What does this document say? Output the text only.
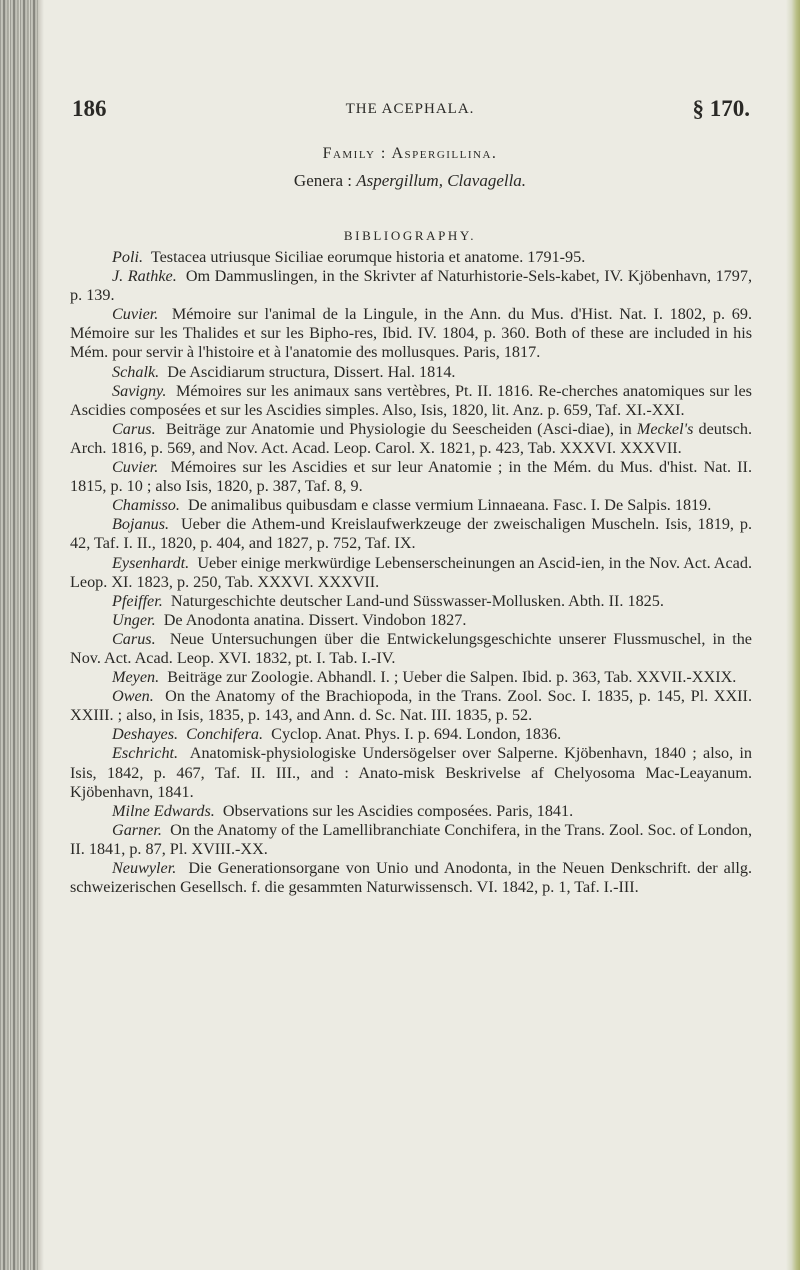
186	THE ACEPHALA.	§ 170.
Family : Aspergillina.
Genera : Aspergillum, Clavagella.
BIBLIOGRAPHY.

Poli. Testacea utriusque Siciliae eorumque historia et anatome. 1791-95.

J. Rathke. Om Dammuslingen, in the Skrivter af Naturhistorie-Sels-kabet, IV. Kjöbenhavn, 1797, p. 139.

Cuvier. Mémoire sur l'animal de la Lingule, in the Ann. du Mus. d'Hist. Nat. I. 1802, p. 69. Mémoire sur les Thalides et sur les Bipho-res, Ibid. IV. 1804, p. 360. Both of these are included in his Mém. pour servir à l'histoire et à l'anatomie des mollusques. Paris, 1817.

Schalk. De Ascidiarum structura, Dissert. Hal. 1814.

Savigny. Mémoires sur les animaux sans vertèbres, Pt. II. 1816. Re-cherches anatomiques sur les Ascidies composées et sur les Ascidies simples. Also, Isis, 1820, lit. Anz. p. 659, Taf. XI.-XXI.

Carus. Beiträge zur Anatomie und Physiologie du Seescheiden (Asci-diae), in Meckel's deutsch. Arch. 1816, p. 569, and Nov. Act. Acad. Leop. Carol. X. 1821, p. 423, Tab. XXXVI. XXXVII.

Cuvier. Mémoires sur les Ascidies et sur leur Anatomie ; in the Mém. du Mus. d'hist. Nat. II. 1815, p. 10 ; also Isis, 1820, p. 387, Taf. 8, 9.

Chamisso. De animalibus quibusdam e classe vermium Linnaeana. Fasc. I. De Salpis. 1819.

Bojanus. Ueber die Athem-und Kreislaufwerkzeuge der zweischaligen Muscheln. Isis, 1819, p. 42, Taf. I. II., 1820, p. 404, and 1827, p. 752, Taf. IX.

Eysenhardt. Ueber einige merkwürdige Lebenserscheinungen an Ascid-ien, in the Nov. Act. Acad. Leop. XI. 1823, p. 250, Tab. XXXVI. XXXVII.

Pfeiffer. Naturgeschichte deutscher Land-und Süsswasser-Mollusken. Abth. II. 1825.

Unger. De Anodonta anatina. Dissert. Vindobon 1827.

Carus. Neue Untersuchungen über die Entwickelungsgeschichte unserer Flussmuschel, in the Nov. Act. Acad. Leop. XVI. 1832, pt. I. Tab. I.-IV.

Meyen. Beiträge zur Zoologie. Abhandl. I. ; Ueber die Salpen. Ibid. p. 363, Tab. XXVII.-XXIX.

Owen. On the Anatomy of the Brachiopoda, in the Trans. Zool. Soc. I. 1835, p. 145, Pl. XXII. XXIII. ; also, in Isis, 1835, p. 143, and Ann. d. Sc. Nat. III. 1835, p. 52.

Deshayes. Conchifera. Cyclop. Anat. Phys. I. p. 694. London, 1836.

Eschricht. Anatomisk-physiologiske Undersögelser over Salperne. Kjöbenhavn, 1840 ; also, in Isis, 1842, p. 467, Taf. II. III., and : Anato-misk Beskrivelse af Chelyosoma Mac-Leayanum. Kjöbenhavn, 1841.

Milne Edwards. Observations sur les Ascidies composées. Paris, 1841.

Garner. On the Anatomy of the Lamellibranchiate Conchifera, in the Trans. Zool. Soc. of London, II. 1841, p. 87, Pl. XVIII.-XX.

Neuwyler. Die Generationsorgane von Unio und Anodonta, in the Neuen Denkschrift. der allg. schweizerischen Gesellsch. f. die gesammten Naturwissensch. VI. 1842, p. 1, Taf. I.-III.
